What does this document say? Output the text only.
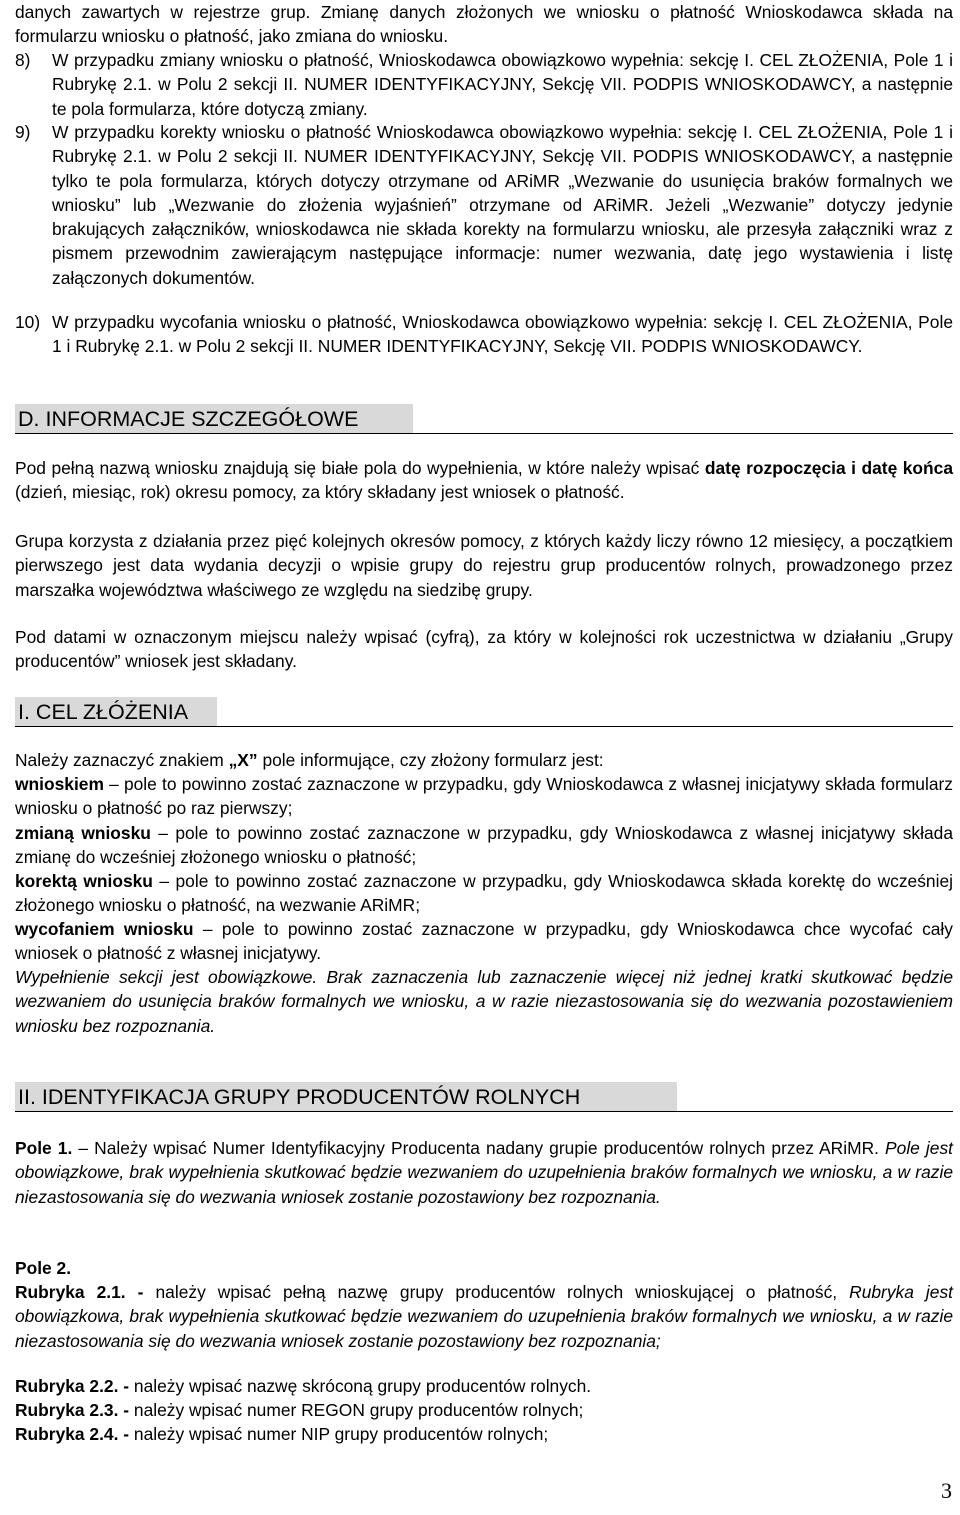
danych zawartych w rejestrze grup. Zmianę danych złożonych we wniosku o płatność Wnioskodawca składa na formularzu wniosku o płatność, jako zmiana do wniosku.

8) W przypadku zmiany wniosku o płatność, Wnioskodawca obowiązkowo wypełnia: sekcję I. CEL ZŁOŻENIA, Pole 1 i Rubrykę 2.1. w Polu 2 sekcji II. NUMER IDENTYFIKACYJNY, Sekcję VII. PODPIS WNIOSKODAWCY, a następnie te pola formularza, które dotyczą zmiany.
9) W przypadku korekty wniosku o płatność Wnioskodawca obowiązkowo wypełnia: sekcję I. CEL ZŁOŻENIA, Pole 1 i Rubrykę 2.1. w Polu 2 sekcji II. NUMER IDENTYFIKACYJNY, Sekcję VII. PODPIS WNIOSKODAWCY, a następnie tylko te pola formularza, których dotyczy otrzymane od ARiMR „Wezwanie do usunięcia braków formalnych we wniosku” lub „Wezwanie do złożenia wyjaśnień” otrzymane od ARiMR. Jeżeli „Wezwanie” dotyczy jedynie brakujących załączników, wnioskodawca nie składa korekty na formularzu wniosku, ale przesyła załączniki wraz z pismem przewodnim zawierającym następujące informacje: numer wezwania, datę jego wystawienia i listę załączonych dokumentów.
10) W przypadku wycofania wniosku o płatność, Wnioskodawca obowiązkowo wypełnia: sekcję I. CEL ZŁOŻENIA, Pole 1 i Rubrykę 2.1. w Polu 2 sekcji II. NUMER IDENTYFIKACYJNY, Sekcję VII. PODPIS WNIOSKODAWCY.
D. INFORMACJE SZCZEGÓŁOWE

Pod pełną nazwą wniosku znajdują się białe pola do wypełnienia, w które należy wpisać datę rozpoczęcia i datę końca (dzień, miesiąc, rok) okresu pomocy, za który składany jest wniosek o płatność.

Grupa korzysta z działania przez pięć kolejnych okresów pomocy, z których każdy liczy równo 12 miesięcy, a początkiem pierwszego jest data wydania decyzji o wpisie grupy do rejestru grup producentów rolnych, prowadzonego przez marszałka województwa właściwego ze względu na siedzibę grupy.

Pod datami w oznaczonym miejscu należy wpisać (cyfrą), za który w kolejności rok uczestnictwa w działaniu „Grupy producentów” wniosek jest składany.

I. CEL ZŁÓŻENIA

Należy zaznaczyć znakiem „X” pole informujące, czy złożony formularz jest:

wnioskiem – pole to powinno zostać zaznaczone w przypadku, gdy Wnioskodawca z własnej inicjatywy składa formularz wniosku o płatność po raz pierwszy;

zmianą wniosku – pole to powinno zostać zaznaczone w przypadku, gdy Wnioskodawca z własnej inicjatywy składa zmianę do wcześniej złożonego wniosku o płatność;

korektą wniosku – pole to powinno zostać zaznaczone w przypadku, gdy Wnioskodawca składa korektę do wcześniej złożonego wniosku o płatność, na wezwanie ARiMR;

wycofaniem wniosku – pole to powinno zostać zaznaczone w przypadku, gdy Wnioskodawca chce wycofać cały wniosek o płatność z własnej inicjatywy.

Wypełnienie sekcji jest obowiązkowe. Brak zaznaczenia lub zaznaczenie więcej niż jednej kratki skutkować będzie wezwaniem do usunięcia braków formalnych we wniosku, a w razie niezastosowania się do wezwania pozostawieniem wniosku bez rozpoznania.

II. IDENTYFIKACJA GRUPY PRODUCENTÓW ROLNYCH

Pole 1. – Należy wpisać Numer Identyfikacyjny Producenta nadany grupie producentów rolnych przez ARiMR. Pole jest obowiązkowe, brak wypełnienia skutkować będzie wezwaniem do uzupełnienia braków formalnych we wniosku, a w razie niezastosowania się do wezwania wniosek zostanie pozostawiony bez rozpoznania.

Pole 2.

Rubryka 2.1. - należy wpisać pełną nazwę grupy producentów rolnych wnioskującej o płatność, Rubryka jest obowiązkowa, brak wypełnienia skutkować będzie wezwaniem do uzupełnienia braków formalnych we wniosku, a w razie niezastosowania się do wezwania wniosek zostanie pozostawiony bez rozpoznania;

Rubryka 2.2. - należy wpisać nazwę skróconą grupy producentów rolnych.

Rubryka 2.3. - należy wpisać numer REGON grupy producentów rolnych;

Rubryka 2.4. - należy wpisać numer NIP grupy producentów rolnych;

3
